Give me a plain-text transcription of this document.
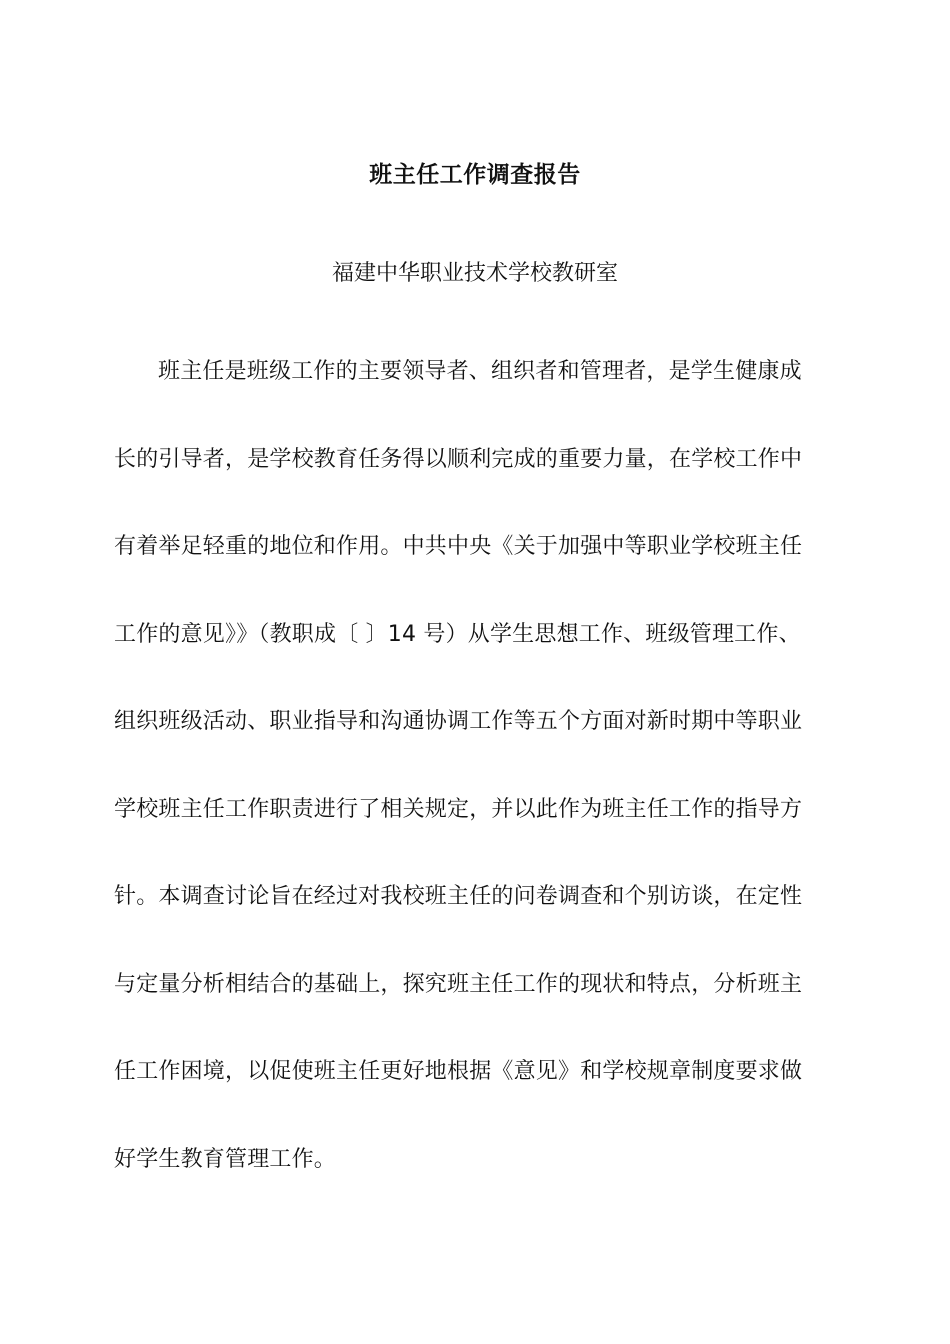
班主任工作调查报告
福建中华职业技术学校教研室
班主任是班级工作的主要领导者、组织者和管理者，是学生健康成
长的引导者，是学校教育任务得以顺利完成的重要力量，在学校工作中
有着举足轻重的地位和作用。中共中央《关于加强中等职业学校班主任
工作的意见》》（教职成〔 〕14 号）从学生思想工作、班级管理工作、
组织班级活动、职业指导和沟通协调工作等五个方面对新时期中等职业
学校班主任工作职责进行了相关规定，并以此作为班主任工作的指导方
针。本调查讨论旨在经过对我校班主任的问卷调查和个别访谈，在定性
与定量分析相结合的基础上，探究班主任工作的现状和特点，分析班主
任工作困境，以促使班主任更好地根据《意见》和学校规章制度要求做
好学生教育管理工作。
